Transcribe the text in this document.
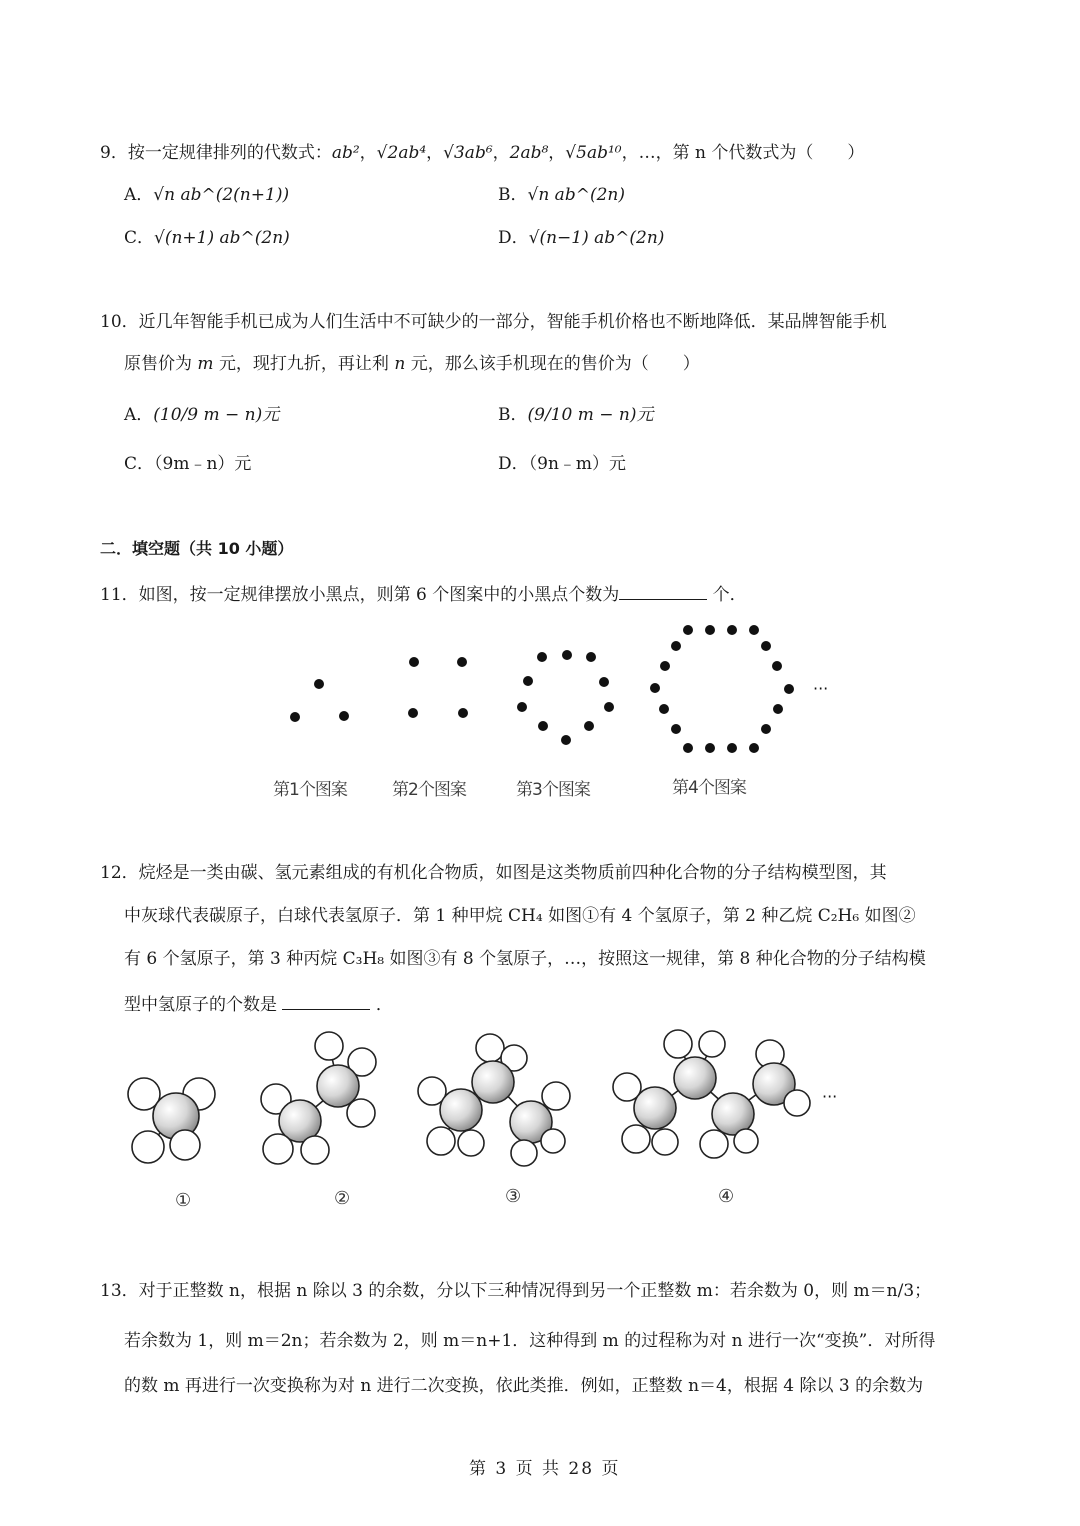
9．按一定规律排列的代数式：ab²，√2ab⁴，√3ab⁶，2ab⁸，√5ab¹⁰，…，第 n 个代数式为（　　）
A．√n ab^(2(n+1))	B．√n ab^(2n)
C．√(n+1) ab^(2n)	D．√(n−1) ab^(2n)
10．近几年智能手机已成为人们生活中不可缺少的一部分，智能手机价格也不断地降低．某品牌智能手机
原售价为 m 元，现打九折，再让利 n 元，那么该手机现在的售价为（　　）
A．(10/9 m − n)元	B．(9/10 m − n)元
C．（9m﹣n）元	D．（9n﹣m）元
二．填空题（共 10 小题）
11．如图，按一定规律摆放小黑点，则第 6 个图案中的小黑点个数为	个．
···
第1个图案	第2个图案	第3个图案	第4个图案
12．烷烃是一类由碳、氢元素组成的有机化合物质，如图是这类物质前四种化合物的分子结构模型图，其
中灰球代表碳原子，白球代表氢原子．第 1 种甲烷 CH₄ 如图①有 4 个氢原子，第 2 种乙烷 C₂H₆ 如图②
有 6 个氢原子，第 3 种丙烷 C₃H₈ 如图③有 8 个氢原子，…，按照这一规律，第 8 种化合物的分子结构模
型中氢原子的个数是	．
···
①	②	③	④
13．对于正整数 n，根据 n 除以 3 的余数，分以下三种情况得到另一个正整数 m：若余数为 0，则 m＝n/3；
若余数为 1，则 m＝2n；若余数为 2，则 m＝n+1．这种得到 m 的过程称为对 n 进行一次“变换”．对所得
的数 m 再进行一次变换称为对 n 进行二次变换，依此类推．例如，正整数 n＝4，根据 4 除以 3 的余数为
第 3 页 共 28 页
